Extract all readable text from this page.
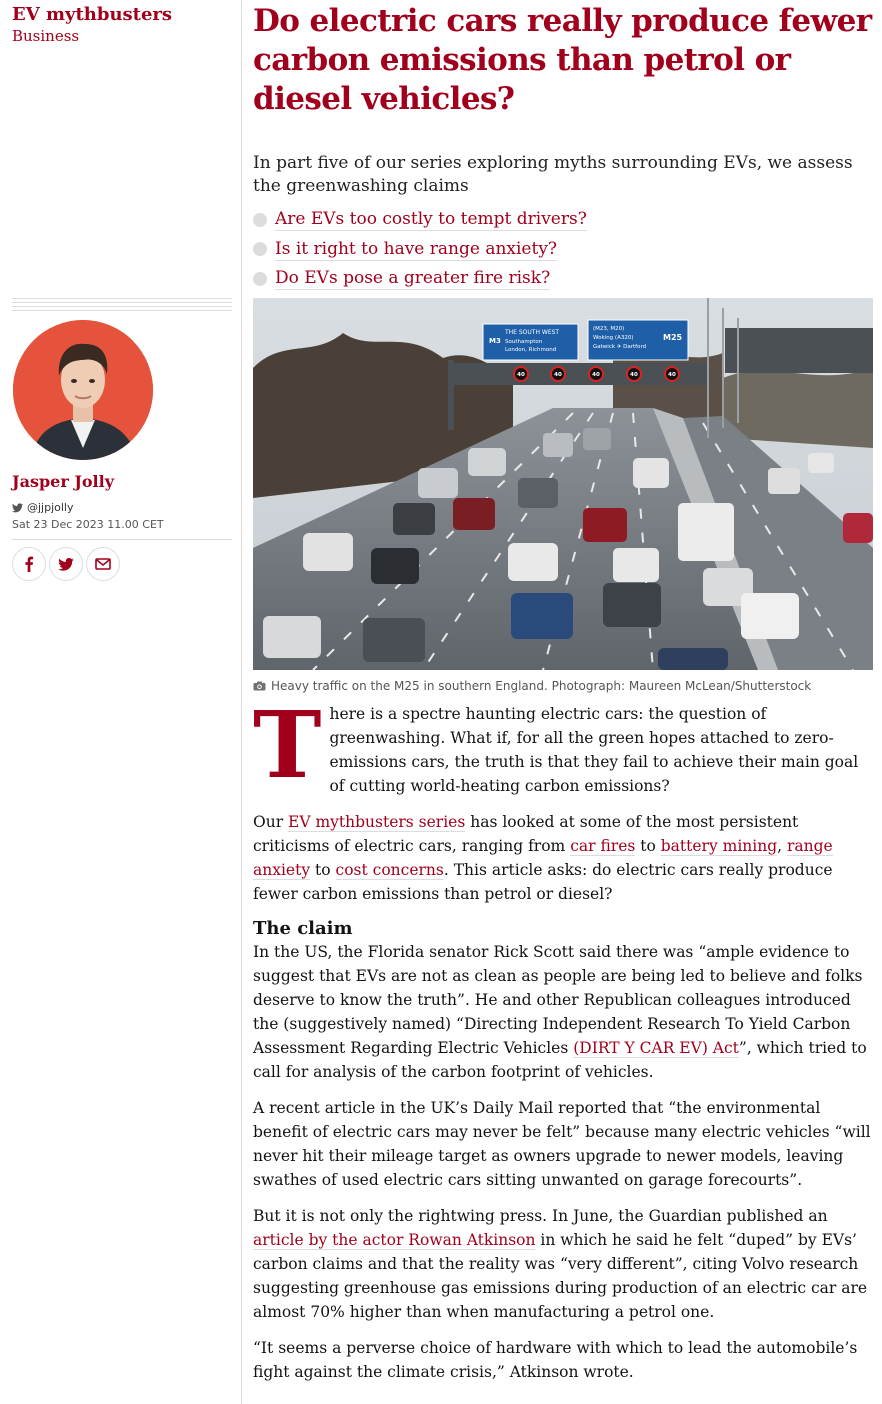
EV mythbusters
Business
Jasper Jolly
@jjpjolly
Sat 23 Dec 2023 11.00 CET
Do electric cars really produce fewer carbon emissions than petrol or diesel vehicles?

In part five of our series exploring myths surrounding EVs, we assess the greenwashing claims

Are EVs too costly to tempt drivers?
Is it right to have range anxiety?
Do EVs pose a greater fire risk?
THE SOUTH WEST
M3 Southampton
London, Richmond
(M23, M20)
Woking (A320)
Gatwick ✈ Dartford
M25
40	40	40	40	40
Heavy traffic on the M25 in southern England. Photograph: Maureen McLean/Shutterstock

There is a spectre haunting electric cars: the question of greenwashing. What if, for all the green hopes attached to zero-emissions cars, the truth is that they fail to achieve their main goal of cutting world-heating carbon emissions?

Our EV mythbusters series has looked at some of the most persistent criticisms of electric cars, ranging from car fires to battery mining, range anxiety to cost concerns. This article asks: do electric cars really produce fewer carbon emissions than petrol or diesel?

The claim

In the US, the Florida senator Rick Scott said there was “ample evidence to suggest that EVs are not as clean as people are being led to believe and folks deserve to know the truth”. He and other Republican colleagues introduced the (suggestively named) “Directing Independent Research To Yield Carbon Assessment Regarding Electric Vehicles (DIRT Y CAR EV) Act”, which tried to call for analysis of the carbon footprint of vehicles.

A recent article in the UK’s Daily Mail reported that “the environmental benefit of electric cars may never be felt” because many electric vehicles “will never hit their mileage target as owners upgrade to newer models, leaving swathes of used electric cars sitting unwanted on garage forecourts”.

But it is not only the rightwing press. In June, the Guardian published an article by the actor Rowan Atkinson in which he said he felt “duped” by EVs’ carbon claims and that the reality was “very different”, citing Volvo research suggesting greenhouse gas emissions during production of an electric car are almost 70% higher than when manufacturing a petrol one.

“It seems a perverse choice of hardware with which to lead the automobile’s fight against the climate crisis,” Atkinson wrote.
